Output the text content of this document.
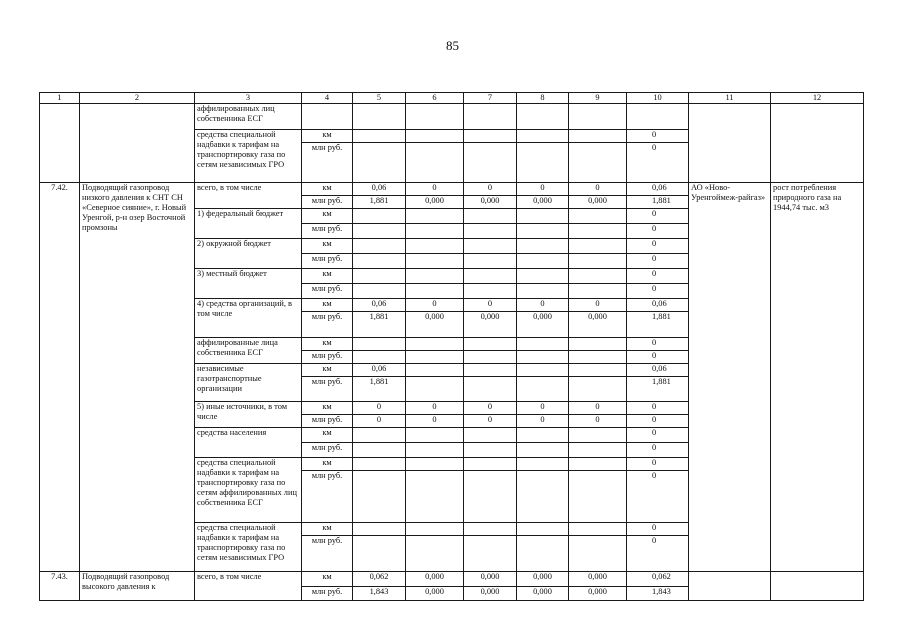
85
1	2	3	4	5	6	7	8	9	10	11	12
		аффилированных лиц собственника ЕСГ									
		средства специальной надбавки к тарифам на транспортировку газа по сетям независимых ГРО	км						0		
			млн руб.						0		
7.42.	Подводящий газопровод низкого давления к СНТ СН «Северное сияние», г. Новый Уренгой, р-н озер Восточной промзоны	всего, в том числе	км	0,06	0	0	0	0	0,06	АО «Ново-Уренгоймеж-райгаз»	рост потребления природного газа на 1944,74 тыс. м3
			млн руб.	1,881	0,000	0,000	0,000	0,000	1,881		
		1) федеральный бюджет	км						0		
			млн руб.						0		
		2) окружной бюджет	км						0		
			млн руб.						0		
		3) местный бюджет	км						0		
			млн руб.						0		
		4) средства организаций, в том числе	км	0,06	0	0	0	0	0,06		
			млн руб.	1,881	0,000	0,000	0,000	0,000	1,881		
		аффилированные лица собственника ЕСГ	км						0		
			млн руб.						0		
		независимые газотранспортные организации	км	0,06					0,06		
			млн руб.	1,881					1,881		
		5) иные источники, в том числе	км	0	0	0	0	0	0		
			млн руб.	0	0	0	0	0	0		
		средства населения	км						0		
			млн руб.						0		
		средства специальной надбавки к тарифам на транспортировку газа по сетям аффилированных лиц собственника ЕСГ	км						0		
			млн руб.						0		
		средства специальной надбавки к тарифам на транспортировку газа по сетям независимых ГРО	км						0		
			млн руб.						0		
7.43.	Подводящий газопровод высокого давления к	всего, в том числе	км	0,062	0,000	0,000	0,000	0,000	0,062		
			млн руб.	1,843	0,000	0,000	0,000	0,000	1,843		
